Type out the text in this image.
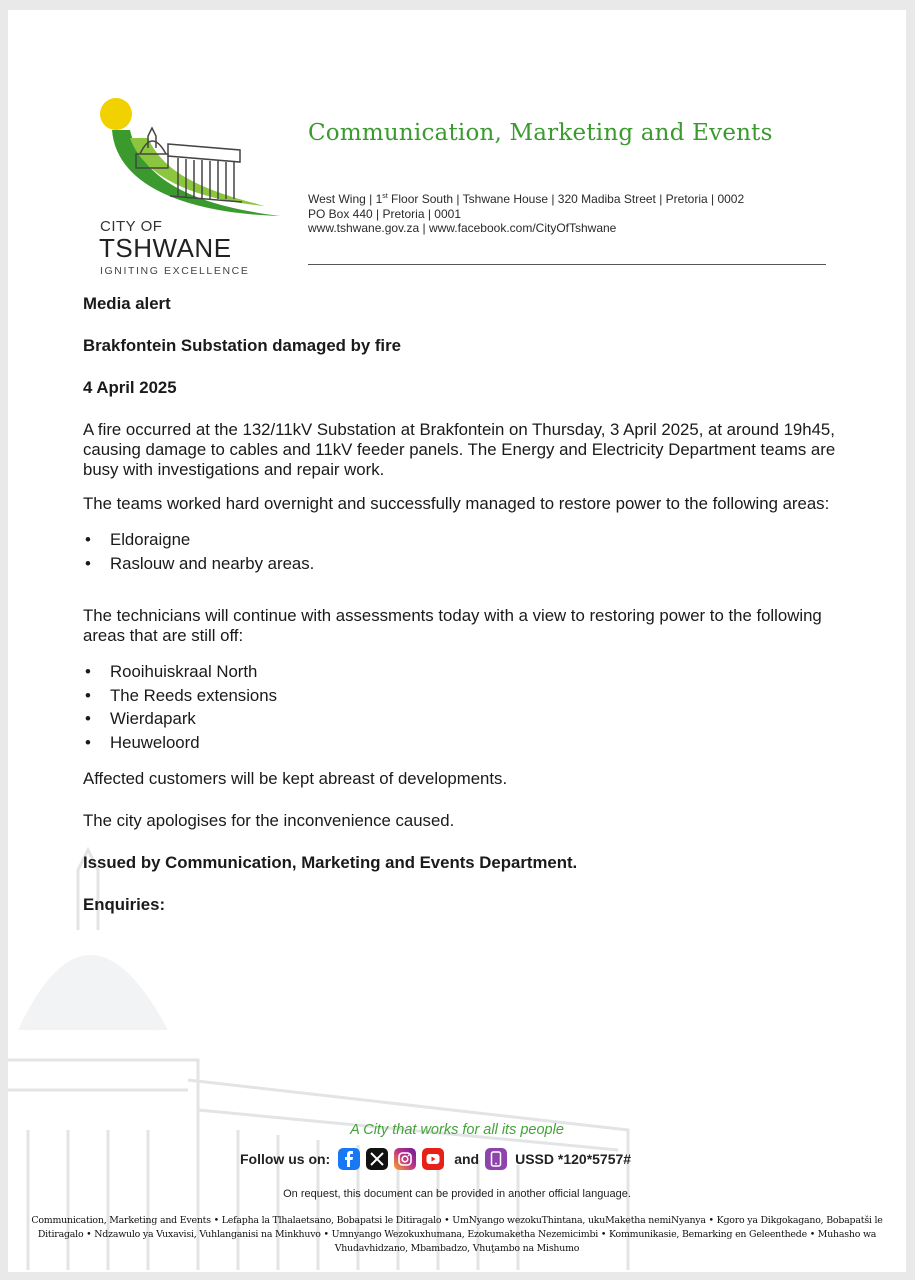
CITY OF
TSHWANE
IGNITING EXCELLENCE
Communication, Marketing and Events
West Wing | 1st Floor South | Tshwane House | 320 Madiba Street | Pretoria | 0002
PO Box 440 | Pretoria | 0001
www.tshwane.gov.za | www.facebook.com/CityOfTshwane

Media alert

Brakfontein Substation damaged by fire

4 April 2025

A fire occurred at the 132/11kV Substation at Brakfontein on Thursday, 3 April 2025, at around 19h45, causing damage to cables and 11kV feeder panels. The Energy and Electricity Department teams are busy with investigations and repair work.

The teams worked hard overnight and successfully managed to restore power to the following areas:

• Eldoraigne
• Raslouw and nearby areas.

The technicians will continue with assessments today with a view to restoring power to the following areas that are still off:

• Rooihuiskraal North
• The Reeds extensions
• Wierdapark
• Heuweloord

Affected customers will be kept abreast of developments.

The city apologises for the inconvenience caused.

Issued by Communication, Marketing and Events Department.

Enquiries:

A City that works for all its people
Follow us on:	and	USSD *120*5757#
On request, this document can be provided in another official language.
Communication, Marketing and Events • Lefapha la Tlhalaetsano, Bobapatsi le Ditiragalo • UmNyango wezokuThintana, ukuMaketha nemiNyanya • Kgoro ya Dikgokagano, Bobapatši le Ditiragalo • Ndzawulo ya Vuxavisi, Vuhlanganisi na Minkhuvo • Umnyango Wezokuxhumana, Ezokumaketha Nezemicimbi • Kommunikasie, Bemarking en Geleenthede • Muhasho wa Vhudavhidzano, Mbambadzo, Vhuṱambo na Mishumo
